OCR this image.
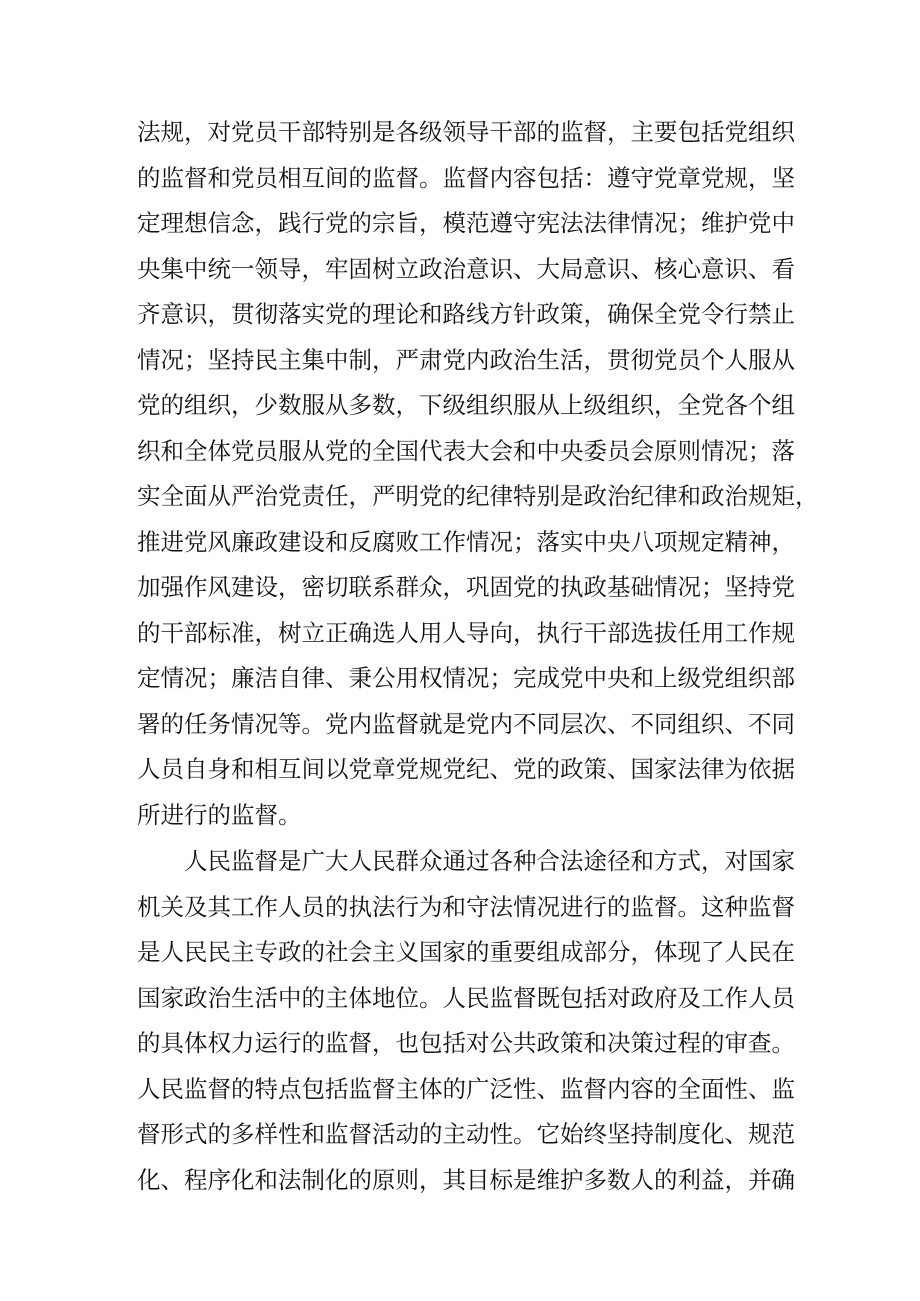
法规，对党员干部特别是各级领导干部的监督，主要包括党组织
的监督和党员相互间的监督。监督内容包括：遵守党章党规，坚
定理想信念，践行党的宗旨，模范遵守宪法法律情况；维护党中
央集中统一领导，牢固树立政治意识、大局意识、核心意识、看
齐意识，贯彻落实党的理论和路线方针政策，确保全党令行禁止
情况；坚持民主集中制，严肃党内政治生活，贯彻党员个人服从
党的组织，少数服从多数，下级组织服从上级组织，全党各个组
织和全体党员服从党的全国代表大会和中央委员会原则情况；落
实全面从严治党责任，严明党的纪律特别是政治纪律和政治规矩，
推进党风廉政建设和反腐败工作情况；落实中央八项规定精神，
加强作风建设，密切联系群众，巩固党的执政基础情况；坚持党
的干部标准，树立正确选人用人导向，执行干部选拔任用工作规
定情况；廉洁自律、秉公用权情况；完成党中央和上级党组织部
署的任务情况等。党内监督就是党内不同层次、不同组织、不同
人员自身和相互间以党章党规党纪、党的政策、国家法律为依据
所进行的监督。
　　人民监督是广大人民群众通过各种合法途径和方式，对国家
机关及其工作人员的执法行为和守法情况进行的监督。这种监督
是人民民主专政的社会主义国家的重要组成部分，体现了人民在
国家政治生活中的主体地位。人民监督既包括对政府及工作人员
的具体权力运行的监督，也包括对公共政策和决策过程的审查。
人民监督的特点包括监督主体的广泛性、监督内容的全面性、监
督形式的多样性和监督活动的主动性。它始终坚持制度化、规范
化、程序化和法制化的原则，其目标是维护多数人的利益，并确
